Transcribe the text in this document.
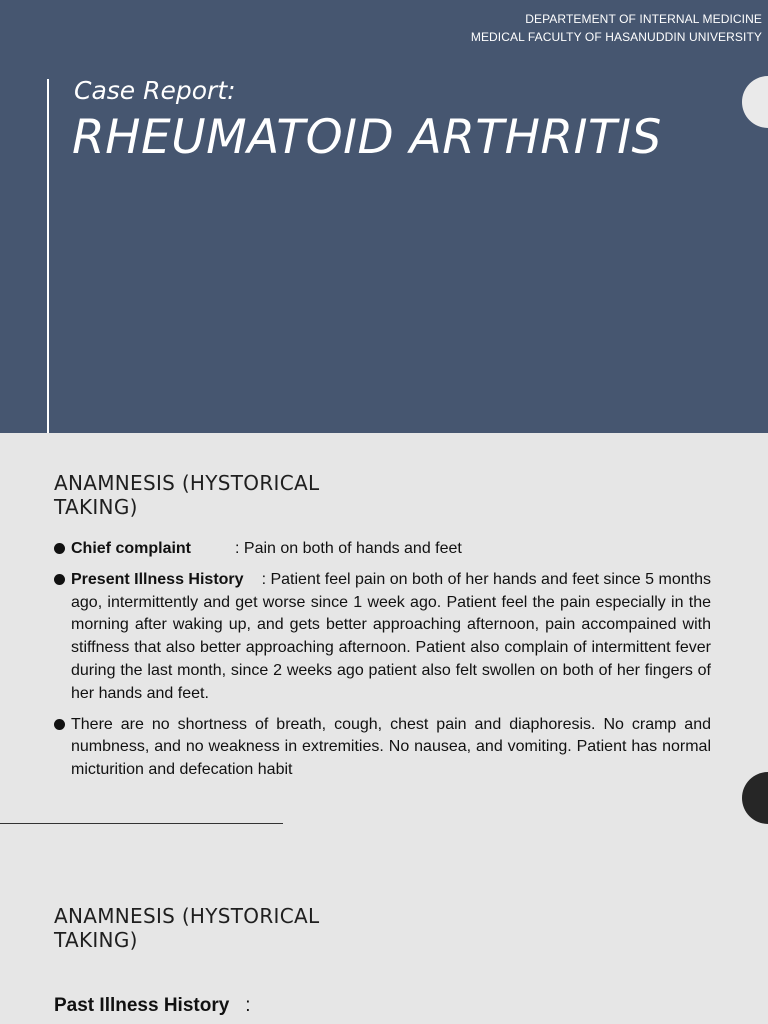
DEPARTEMENT OF INTERNAL MEDICINE
MEDICAL FACULTY OF HASANUDDIN UNIVERSITY
Case Report:
RHEUMATOID ARTHRITIS
ANAMNESIS (HYSTORICAL
TAKING)
Chief complaint	: Pain on both of hands and feet
Present Illness History : Patient feel pain on both of her hands and feet since 5 months ago, intermittently and get worse since 1 week ago. Patient feel the pain especially in the morning after waking up, and gets better approaching afternoon, pain accompained with stiffness that also better approaching afternoon. Patient also complain of intermittent fever during the last month, since 2 weeks ago patient also felt swollen on both of her fingers of her hands and feet.
There are no shortness of breath, cough, chest pain and diaphoresis. No cramp and numbness, and no weakness in extremities. No nausea, and vomiting. Patient has normal micturition and defecation habit
ANAMNESIS (HYSTORICAL
TAKING)

Past Illness History :
